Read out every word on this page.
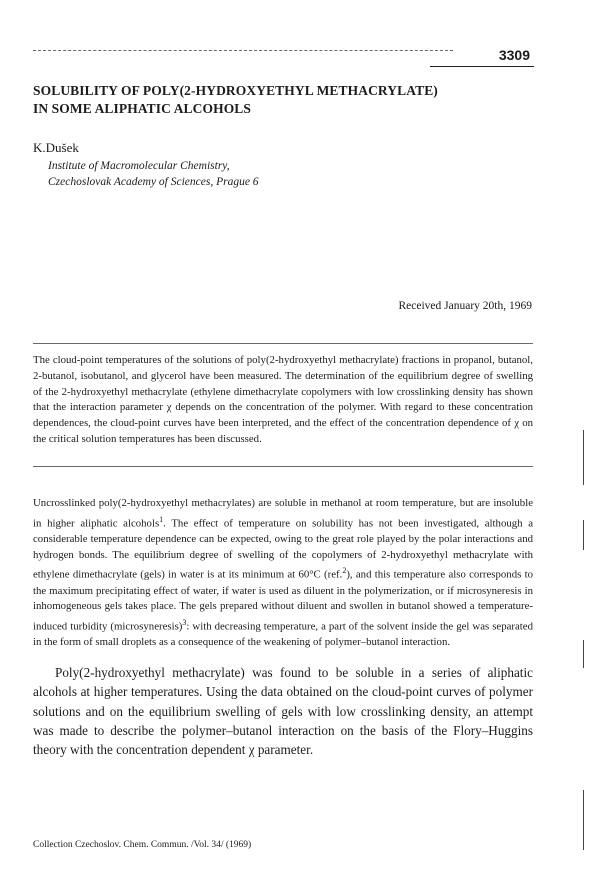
3309
SOLUBILITY OF POLY(2-HYDROXYETHYL METHACRYLATE)
IN SOME ALIPHATIC ALCOHOLS
K.Dušek
Institute of Macromolecular Chemistry,
Czechoslovak Academy of Sciences, Prague 6
Received January 20th, 1969

The cloud-point temperatures of the solutions of poly(2-hydroxyethyl methacrylate) fractions in propanol, butanol, 2-butanol, isobutanol, and glycerol have been measured. The determination of the equilibrium degree of swelling of the 2-hydroxyethyl methacrylate (ethylene dimethacrylate copolymers with low crosslinking density has shown that the interaction parameter χ depends on the concentration of the polymer. With regard to these concentration dependences, the cloud-point curves have been interpreted, and the effect of the concentration dependence of χ on the critical solution temperatures has been discussed.

Uncrosslinked poly(2-hydroxyethyl methacrylates) are soluble in methanol at room temperature, but are insoluble in higher aliphatic alcohols$^1$. The effect of temperature on solubility has not been investigated, although a considerable temperature dependence can be expected, owing to the great role played by the polar interactions and hydrogen bonds. The equilibrium degree of swelling of the copolymers of 2-hydroxyethyl methacrylate with ethylene dimethacrylate (gels) in water is at its minimum at 60°C (ref.$^2$), and this temperature also corresponds to the maximum precipitating effect of water, if water is used as diluent in the polymerization, or if microsyneresis in inhomogeneous gels takes place. The gels prepared without diluent and swollen in butanol showed a temperature-induced turbidity (microsyneresis)$^3$: with decreasing temperature, a part of the solvent inside the gel was separated in the form of small droplets as a consequence of the weakening of polymer–butanol interaction.

Poly(2-hydroxyethyl methacrylate) was found to be soluble in a series of aliphatic alcohols at higher temperatures. Using the data obtained on the cloud-point curves of polymer solutions and on the equilibrium swelling of gels with low crosslinking density, an attempt was made to describe the polymer–butanol interaction on the basis of the Flory–Huggins theory with the concentration dependent χ parameter.

Collection Czechoslov. Chem. Commun. /Vol. 34/ (1969)
